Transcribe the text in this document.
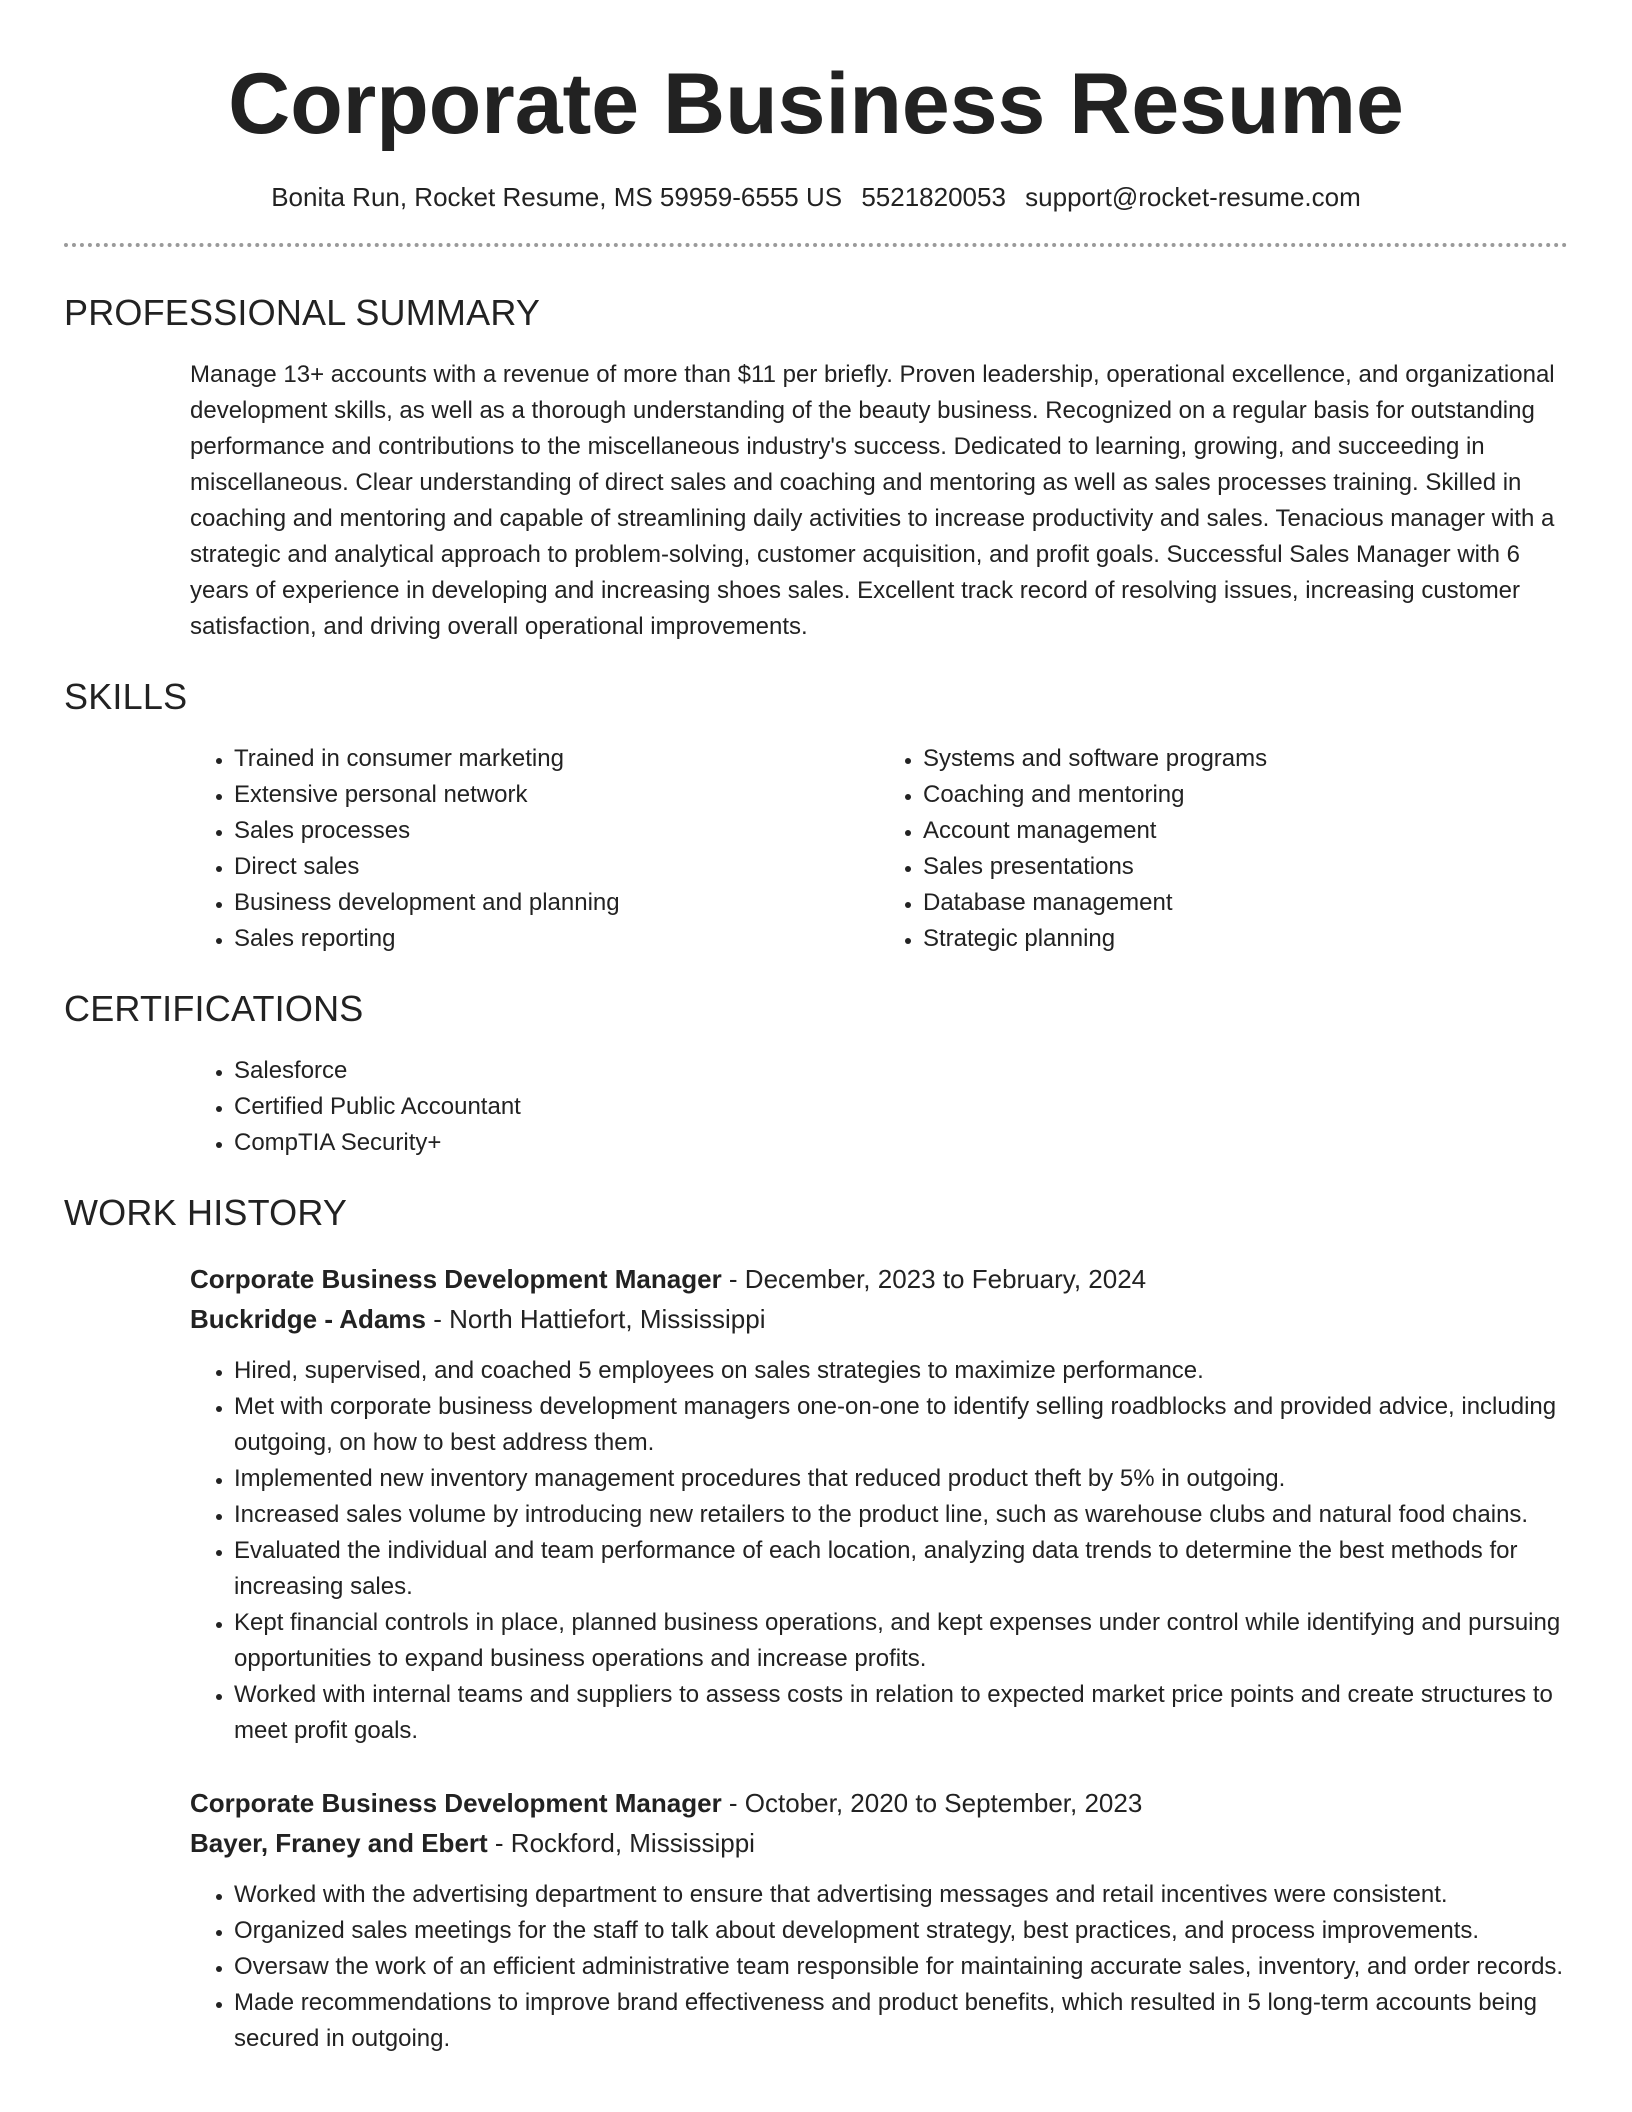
Corporate Business Resume
Bonita Run, Rocket Resume, MS 59959-6555 US 5521820053 support@rocket-resume.com
PROFESSIONAL SUMMARY

Manage 13+ accounts with a revenue of more than $11 per briefly. Proven leadership, operational excellence, and organizational development skills, as well as a thorough understanding of the beauty business. Recognized on a regular basis for outstanding performance and contributions to the miscellaneous industry's success. Dedicated to learning, growing, and succeeding in miscellaneous. Clear understanding of direct sales and coaching and mentoring as well as sales processes training. Skilled in coaching and mentoring and capable of streamlining daily activities to increase productivity and sales. Tenacious manager with a strategic and analytical approach to problem-solving, customer acquisition, and profit goals. Successful Sales Manager with 6 years of experience in developing and increasing shoes sales. Excellent track record of resolving issues, increasing customer satisfaction, and driving overall operational improvements.

SKILLS
• Trained in consumer marketing
• Extensive personal network
• Sales processes
• Direct sales
• Business development and planning
• Sales reporting
• Systems and software programs
• Coaching and mentoring
• Account management
• Sales presentations
• Database management
• Strategic planning
CERTIFICATIONS
• Salesforce
• Certified Public Accountant
• CompTIA Security+
WORK HISTORY
Corporate Business Development Manager - December, 2023 to February, 2024
Buckridge - Adams - North Hattiefort, Mississippi
• Hired, supervised, and coached 5 employees on sales strategies to maximize performance.
• Met with corporate business development managers one-on-one to identify selling roadblocks and provided advice, including outgoing, on how to best address them.
• Implemented new inventory management procedures that reduced product theft by 5% in outgoing.
• Increased sales volume by introducing new retailers to the product line, such as warehouse clubs and natural food chains.
• Evaluated the individual and team performance of each location, analyzing data trends to determine the best methods for increasing sales.
• Kept financial controls in place, planned business operations, and kept expenses under control while identifying and pursuing opportunities to expand business operations and increase profits.
• Worked with internal teams and suppliers to assess costs in relation to expected market price points and create structures to meet profit goals.
Corporate Business Development Manager - October, 2020 to September, 2023
Bayer, Franey and Ebert - Rockford, Mississippi
• Worked with the advertising department to ensure that advertising messages and retail incentives were consistent.
• Organized sales meetings for the staff to talk about development strategy, best practices, and process improvements.
• Oversaw the work of an efficient administrative team responsible for maintaining accurate sales, inventory, and order records.
• Made recommendations to improve brand effectiveness and product benefits, which resulted in 5 long-term accounts being secured in outgoing.
